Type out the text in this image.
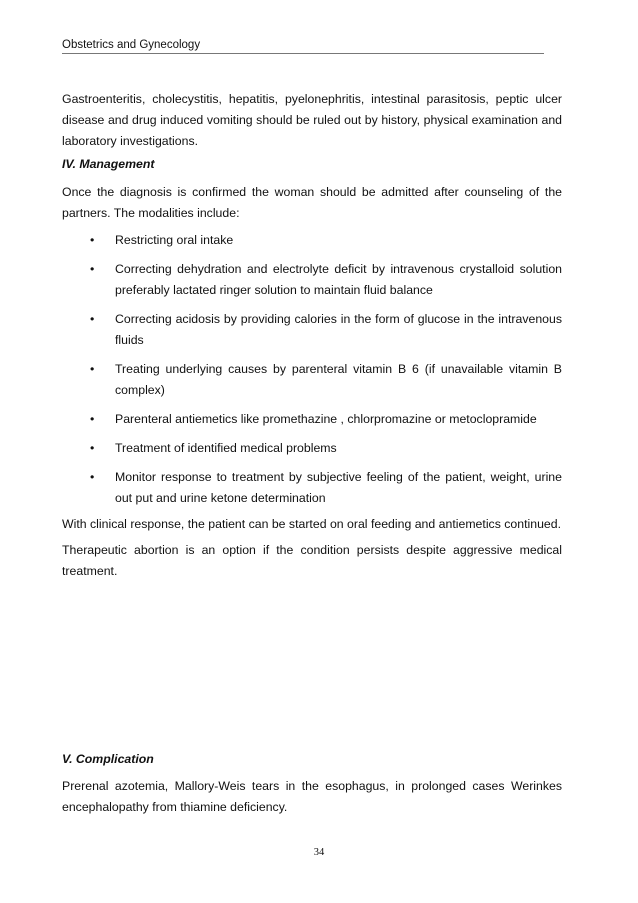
Obstetrics and Gynecology

Gastroenteritis, cholecystitis, hepatitis, pyelonephritis, intestinal parasitosis, peptic ulcer disease and drug induced vomiting should be ruled out by history, physical examination and laboratory investigations.

IV. Management

Once the diagnosis is confirmed the woman should be admitted after counseling of the partners. The modalities include:

• Restricting oral intake
• Correcting dehydration and electrolyte deficit by intravenous crystalloid solution preferably lactated ringer solution to maintain fluid balance
• Correcting acidosis by providing calories in the form of glucose in the intravenous fluids
• Treating underlying causes by parenteral vitamin B 6 (if unavailable vitamin B complex)
• Parenteral antiemetics like promethazine , chlorpromazine or metoclopramide
• Treatment of identified medical problems
• Monitor response to treatment by subjective feeling of the patient, weight, urine out put and urine ketone determination

With clinical response, the patient can be started on oral feeding and antiemetics continued.

Therapeutic abortion is an option if the condition persists despite aggressive medical treatment.

V. Complication

Prerenal azotemia, Mallory-Weis tears in the esophagus, in prolonged cases Werinkes encephalopathy from thiamine deficiency.

34
